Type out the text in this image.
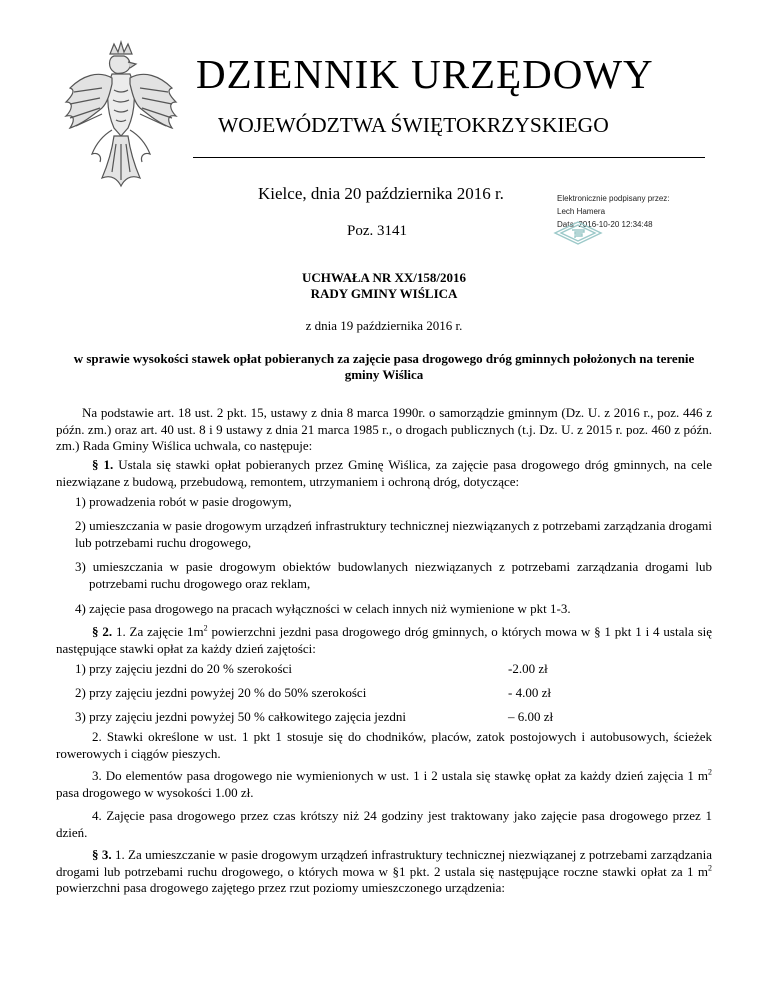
DZIENNIK URZĘDOWY
WOJEWÓDZTWA ŚWIĘTOKRZYSKIEGO
Kielce, dnia 20 października 2016 r.
Poz. 3141
Elektronicznie podpisany przez:
Lech Hamera
Data: 2016-10-20 12:34:48
UCHWAŁA NR XX/158/2016
RADY GMINY WIŚLICA
z dnia 19 października 2016 r.
w sprawie wysokości stawek opłat pobieranych za zajęcie pasa drogowego dróg gminnych położonych na terenie gminy Wiślica
Na podstawie art. 18 ust. 2 pkt. 15, ustawy z dnia 8 marca 1990r. o samorządzie gminnym (Dz. U. z 2016 r., poz. 446 z późn. zm.) oraz art. 40 ust. 8 i 9 ustawy z dnia 21 marca 1985 r., o drogach publicznych (t.j. Dz. U. z 2015 r. poz. 460 z późn. zm.) Rada Gminy Wiślica uchwala, co następuje:
§ 1. Ustala się stawki opłat pobieranych przez Gminę Wiślica, za zajęcie pasa drogowego dróg gminnych, na cele niezwiązane z budową, przebudową, remontem, utrzymaniem i ochroną dróg, dotyczące:
1) prowadzenia robót w pasie drogowym,
2) umieszczania w pasie drogowym urządzeń infrastruktury technicznej niezwiązanych z potrzebami zarządzania drogami lub potrzebami ruchu drogowego,
3) umieszczania w pasie drogowym obiektów budowlanych niezwiązanych z potrzebami zarządzania drogami lub potrzebami ruchu drogowego oraz reklam,
4) zajęcie pasa drogowego na pracach wyłączności w celach innych niż wymienione w pkt 1-3.
§ 2. 1. Za zajęcie $1m^2$ powierzchni jezdni pasa drogowego dróg gminnych, o których mowa w § 1 pkt 1 i 4 ustala się następujące stawki opłat za każdy dzień zajętości:
1) przy zajęciu jezdni do 20 % szerokości	-2.00 zł
2) przy zajęciu jezdni powyżej 20 % do 50% szerokości	- 4.00 zł
3) przy zajęciu jezdni powyżej 50 % całkowitego zajęcia jezdni	– 6.00 zł
2. Stawki określone w ust. 1 pkt 1 stosuje się do chodników, placów, zatok postojowych i autobusowych, ścieżek rowerowych i ciągów pieszych.
3. Do elementów pasa drogowego nie wymienionych w ust. 1 i 2 ustala się stawkę opłat za każdy dzień zajęcia 1 $m^2$ pasa drogowego w wysokości 1.00 zł.
4. Zajęcie pasa drogowego przez czas krótszy niż 24 godziny jest traktowany jako zajęcie pasa drogowego przez 1 dzień.
§ 3. 1. Za umieszczanie w pasie drogowym urządzeń infrastruktury technicznej niezwiązanej z potrzebami zarządzania drogami lub potrzebami ruchu drogowego, o których mowa w §1 pkt. 2 ustala się następujące roczne stawki opłat za 1 $m^2$ powierzchni pasa drogowego zajętego przez rzut poziomy umieszczonego urządzenia:
